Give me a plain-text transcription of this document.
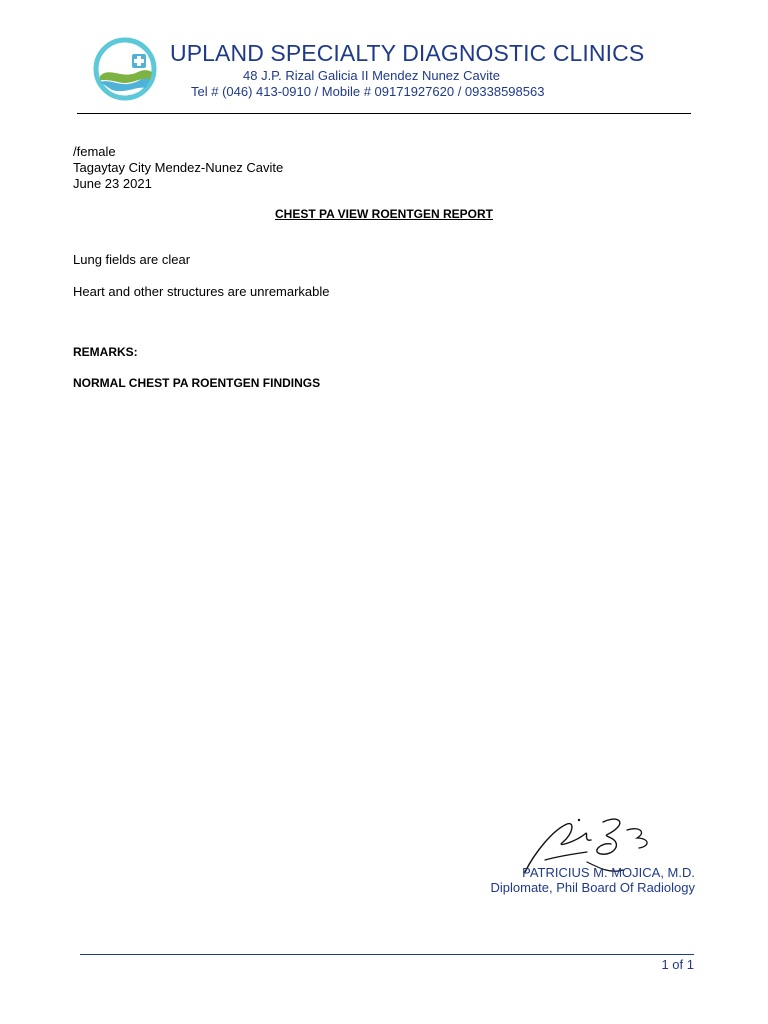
UPLAND SPECIALTY DIAGNOSTIC CLINICS
48 J.P. Rizal Galicia II Mendez Nunez Cavite
Tel # (046) 413-0910 / Mobile # 09171927620 / 09338598563
/female
Tagaytay City Mendez-Nunez Cavite
June 23 2021
CHEST PA VIEW ROENTGEN REPORT
Lung fields are clear
Heart and other structures are unremarkable
REMARKS:
NORMAL CHEST PA ROENTGEN FINDINGS
PATRICIUS M. MOJICA, M.D.
Diplomate, Phil Board Of Radiology
1 of 1
